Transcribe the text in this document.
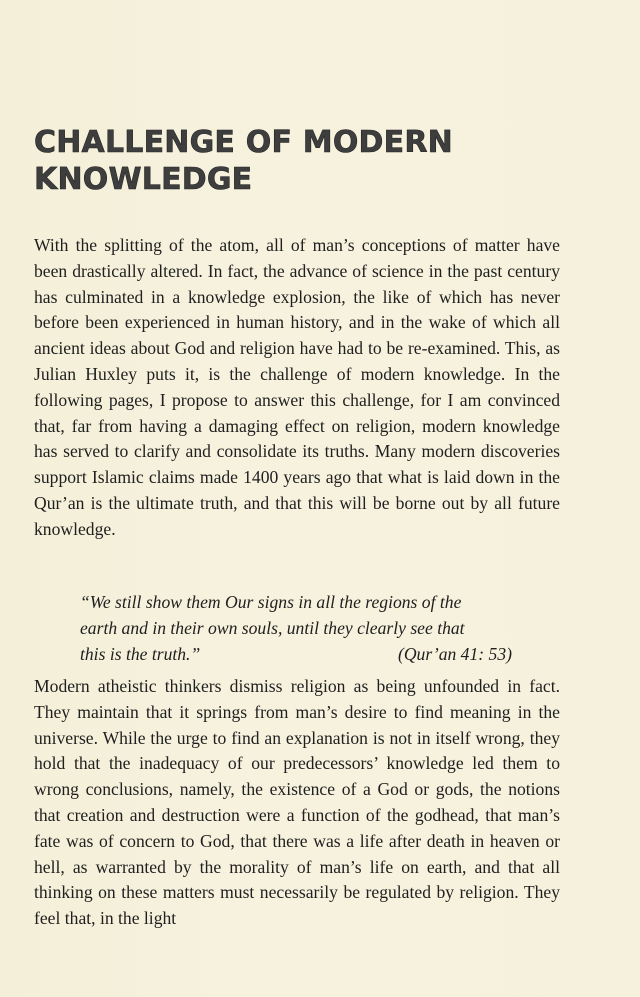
CHALLENGE OF MODERN
KNOWLEDGE

With the splitting of the atom, all of man’s conceptions of matter have been drastically altered. In fact, the advance of science in the past century has culminated in a knowledge explosion, the like of which has never before been experienced in human history, and in the wake of which all ancient ideas about God and religion have had to be re-examined. This, as Julian Huxley puts it, is the challenge of modern knowledge. In the following pages, I propose to answer this challenge, for I am convinced that, far from having a damaging effect on religion, modern knowledge has served to clarify and consolidate its truths. Many modern discoveries support Islamic claims made 1400 years ago that what is laid down in the Qur’an is the ultimate truth, and that this will be borne out by all future knowledge.

“We still show them Our signs in all the regions of the
earth and in their own souls, until they clearly see that
this is the truth.”	(Qur’an 41: 53)

Modern atheistic thinkers dismiss religion as being unfounded in fact. They maintain that it springs from man’s desire to find meaning in the universe. While the urge to find an explanation is not in itself wrong, they hold that the inadequacy of our predecessors’ knowledge led them to wrong conclusions, namely, the existence of a God or gods, the notions that creation and destruction were a function of the godhead, that man’s fate was of concern to God, that there was a life after death in heaven or hell, as warranted by the morality of man’s life on earth, and that all thinking on these matters must necessarily be regulated by religion. They feel that, in the light
